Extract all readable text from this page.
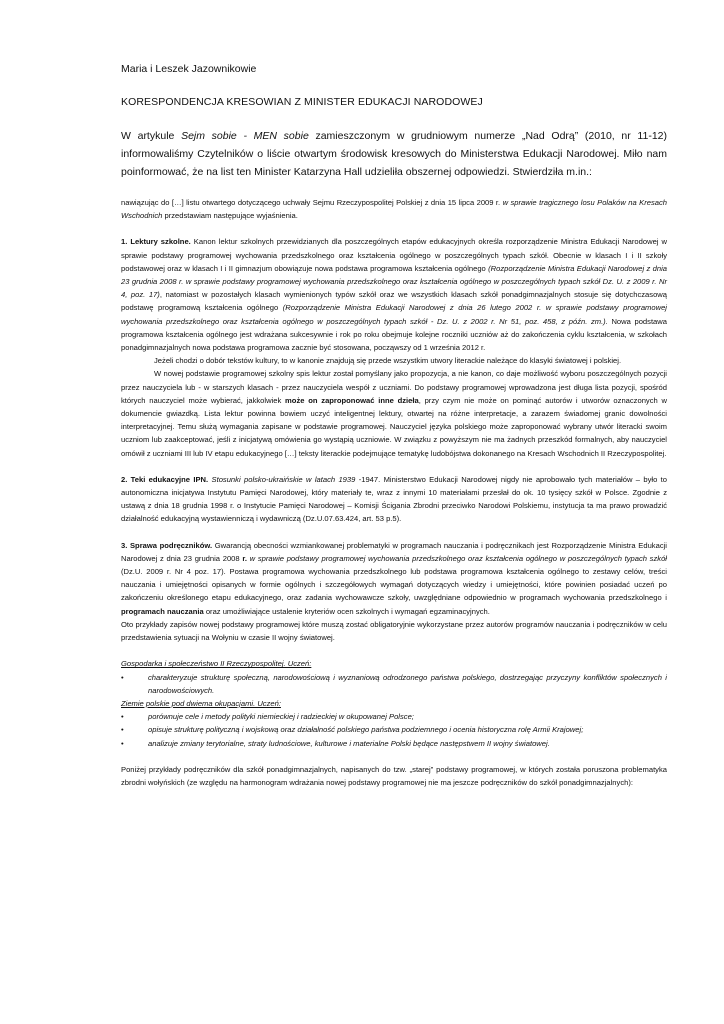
Maria i Leszek Jazownikowie
KORESPONDENCJA KRESOWIAN Z MINISTER EDUKACJI NARODOWEJ
W artykule Sejm sobie - MEN sobie zamieszczonym w grudniowym numerze „Nad Odrą” (2010, nr 11-12) informowaliśmy Czytelników o liście otwartym środowisk kresowych do Ministerstwa Edukacji Narodowej. Miło nam poinformować, że na list ten Minister Katarzyna Hall udzieliła obszernej odpowiedzi. Stwierdziła m.in.:

nawiązując do […] listu otwartego dotyczącego uchwały Sejmu Rzeczypospolitej Polskiej z dnia 15 lipca 2009 r. w sprawie tragicznego losu Polaków na Kresach Wschodnich przedstawiam następujące wyjaśnienia.

1. Lektury szkolne. Kanon lektur szkolnych przewidzianych dla poszczególnych etapów edukacyjnych określa rozporządzenie Ministra Edukacji Narodowej w sprawie podstawy programowej wychowania przedszkolnego oraz kształcenia ogólnego w poszczególnych typach szkół. Obecnie w klasach I i II szkoły podstawowej oraz w klasach I i II gimnazjum obowiązuje nowa podstawa programowa kształcenia ogólnego (Rozporządzenie Ministra Edukacji Narodowej z dnia 23 grudnia 2008 r. w sprawie podstawy programowej wychowania przedszkolnego oraz kształcenia ogólnego w poszczególnych typach szkół Dz. U. z 2009 r. Nr 4, poz. 17), natomiast w pozostałych klasach wymienionych typów szkół oraz we wszystkich klasach szkół ponadgimnazjalnych stosuje się dotychczasową podstawę programową kształcenia ogólnego (Rozporządzenie Ministra Edukacji Narodowej z dnia 26 lutego 2002 r. w sprawie podstawy programowej wychowania przedszkolnego oraz kształcenia ogólnego w poszczególnych typach szkół - Dz. U. z 2002 r. Nr 51, poz. 458, z późn. zm.). Nowa podstawa programowa kształcenia ogólnego jest wdrażana sukcesywnie i rok po roku obejmuje kolejne roczniki uczniów aż do zakończenia cyklu kształcenia, w szkołach ponadgimnazjalnych nowa podstawa programowa zacznie być stosowana, począwszy od 1 września 2012 r.

Jeżeli chodzi o dobór tekstów kultury, to w kanonie znajdują się przede wszystkim utwory literackie należące do klasyki światowej i polskiej.

W nowej podstawie programowej szkolny spis lektur został pomyślany jako propozycja, a nie kanon, co daje możliwość wyboru poszczególnych pozycji przez nauczyciela lub - w starszych klasach - przez nauczyciela wespół z uczniami. Do podstawy programowej wprowadzona jest długa lista pozycji, spośród których nauczyciel może wybierać, jakkolwiek może on zaproponować inne dzieła, przy czym nie może on pominąć autorów i utworów oznaczonych w dokumencie gwiazdką. Lista lektur powinna bowiem uczyć inteligentnej lektury, otwartej na różne interpretacje, a zarazem świadomej granic dowolności interpretacyjnej. Temu służą wymagania zapisane w podstawie programowej. Nauczyciel języka polskiego może zaproponować wybrany utwór literacki swoim uczniom lub zaakceptować, jeśli z inicjatywą omówienia go wystąpią uczniowie. W związku z powyższym nie ma żadnych przeszkód formalnych, aby nauczyciel omówił z uczniami III lub IV etapu edukacyjnego […] teksty literackie podejmujące tematykę ludobójstwa dokonanego na Kresach Wschodnich II Rzeczypospolitej.

2. Teki edukacyjne IPN. Stosunki polsko-ukraińskie w latach 1939 -1947. Ministerstwo Edukacji Narodowej nigdy nie aprobowało tych materiałów – było to autonomiczna inicjatywa Instytutu Pamięci Narodowej, który materiały te, wraz z innymi 10 materiałami przesłał do ok. 10 tysięcy szkół w Polsce. Zgodnie z ustawą z dnia 18 grudnia 1998 r. o Instytucie Pamięci Narodowej – Komisji Ścigania Zbrodni przeciwko Narodowi Polskiemu, instytucja ta ma prawo prowadzić działalność edukacyjną wystawienniczą i wydawniczą (Dz.U.07.63.424, art. 53 p.5).

3. Sprawa podręczników. Gwarancją obecności wzmiankowanej problematyki w programach nauczania i podręcznikach jest Rozporządzenie Ministra Edukacji Narodowej z dnia 23 grudnia 2008 r. w sprawie podstawy programowej wychowania przedszkolnego oraz kształcenia ogólnego w poszczególnych typach szkół (Dz.U. 2009 r. Nr 4 poz. 17). Postawa programowa wychowania przedszkolnego lub podstawa programowa kształcenia ogólnego to zestawy celów, treści nauczania i umiejętności opisanych w formie ogólnych i szczegółowych wymagań dotyczących wiedzy i umiejętności, które powinien posiadać uczeń po zakończeniu określonego etapu edukacyjnego, oraz zadania wychowawcze szkoły, uwzględniane odpowiednio w programach wychowania przedszkolnego i programach nauczania oraz umożliwiające ustalenie kryteriów ocen szkolnych i wymagań egzaminacyjnych.

Oto przykłady zapisów nowej podstawy programowej które muszą zostać obligatoryjnie wykorzystane przez autorów programów nauczania i podręczników w celu przedstawienia sytuacji na Wołyniu w czasie II wojny światowej.

Gospodarka i społeczeństwo II Rzeczypospolitej. Uczeń:

• charakteryzuje strukturę społeczną, narodowościową i wyznaniową odrodzonego państwa polskiego, dostrzegając przyczyny konfliktów społecznych i narodowościowych.

Ziemie polskie pod dwiema okupacjami. Uczeń:

• porównuje cele i metody polityki niemieckiej i radzieckiej w okupowanej Polsce;
• opisuje strukturę polityczną i wojskową oraz działalność polskiego państwa podziemnego i ocenia historyczna rolę Armii Krajowej;
• analizuje zmiany terytorialne, straty ludnościowe, kulturowe i materialne Polski będące następstwem II wojny światowej.

Poniżej przykłady podręczników dla szkół ponadgimnazjalnych, napisanych do tzw. „starej” podstawy programowej, w których została poruszona problematyka zbrodni wołyńskich (ze względu na harmonogram wdrażania nowej podstawy programowej nie ma jeszcze podręczników do szkół ponadgimnazjalnych):
